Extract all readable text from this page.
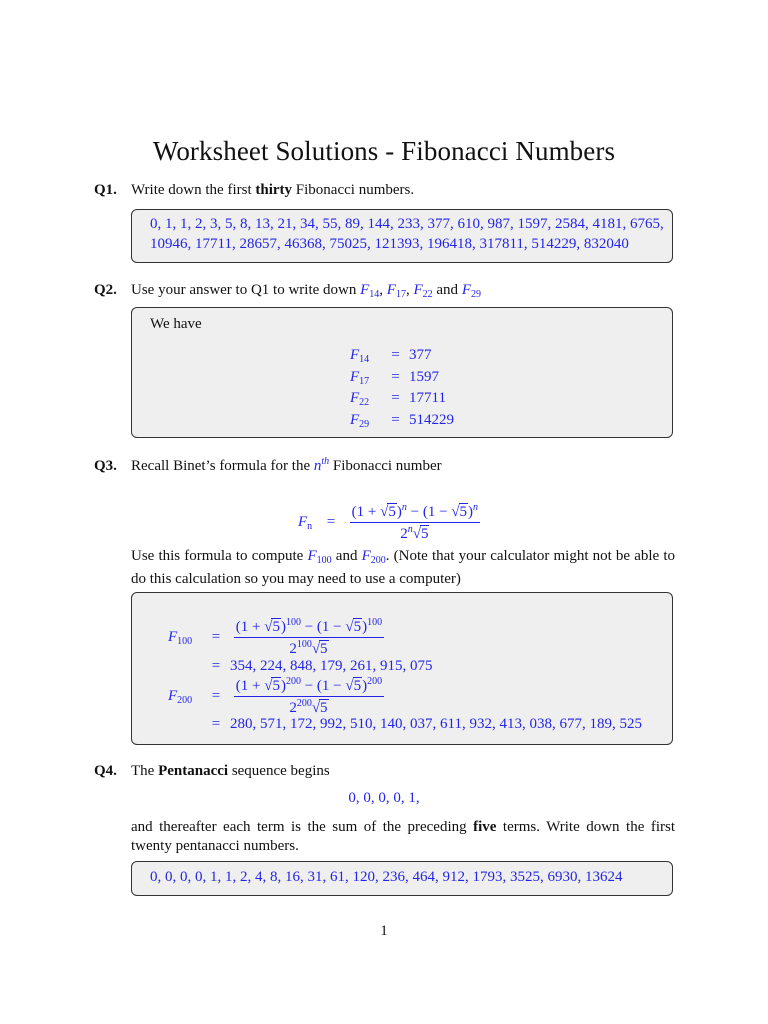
Worksheet Solutions - Fibonacci Numbers
Q1. Write down the first thirty Fibonacci numbers.
0, 1, 1, 2, 3, 5, 8, 13, 21, 34, 55, 89, 144, 233, 377, 610, 987, 1597, 2584, 4181, 6765,
10946, 17711, 28657, 46368, 75025, 121393, 196418, 317811, 514229, 832040
Q2. Use your answer to Q1 to write down $F_{14}$, $F_{17}$, $F_{22}$ and $F_{29}$
We have
$F_{14} = 377$
$F_{17} = 1597$
$F_{22} = 17711$
$F_{29} = 514229$
Q3. Recall Binet’s formula for the $n^{th}$ Fibonacci number
$F_n = \frac{(1 + √5)^n - (1 - √5)^n}{2^n√5}$
Use this formula to compute $F_{100}$ and $F_{200}$. (Note that your calculator might not be able to do this calculation so you may need to use a computer)
$F_{100} = \frac{(1 + √5)^{100} - (1 - √5)^{100}}{2^{100}√5}$
= 354, 224, 848, 179, 261, 915, 075
$F_{200} = \frac{(1 + √5)^{200} - (1 - √5)^{200}}{2^{200}√5}$
= 280, 571, 172, 992, 510, 140, 037, 611, 932, 413, 038, 677, 189, 525
Q4. The Pentanacci sequence begins
0, 0, 0, 0, 1,
and thereafter each term is the sum of the preceding five terms. Write down the first twenty pentanacci numbers.
0, 0, 0, 0, 1, 1, 2, 4, 8, 16, 31, 61, 120, 236, 464, 912, 1793, 3525, 6930, 13624
1
